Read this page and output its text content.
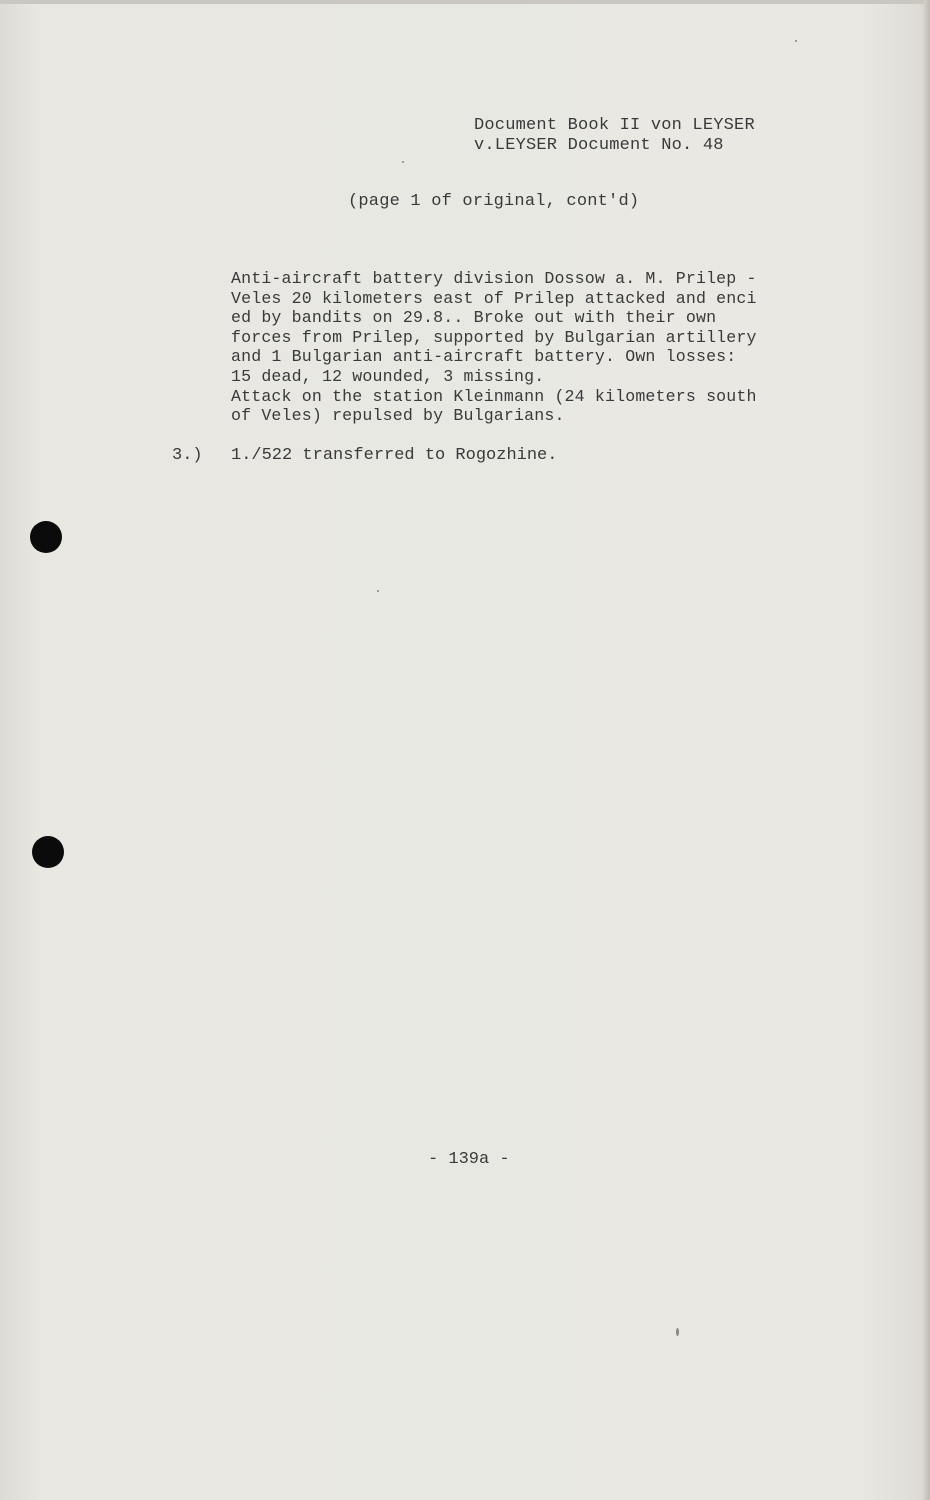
Document Book II von LEYSER
v.LEYSER Document No. 48
(page 1 of original, cont'd)
Anti-aircraft battery division Dossow a. M. Prilep -
Veles 20 kilometers east of Prilep attacked and enci
ed by bandits on 29.8.. Broke out with their own
forces from Prilep, supported by Bulgarian artillery
and 1 Bulgarian anti-aircraft battery. Own losses:
15 dead, 12 wounded, 3 missing.
Attack on the station Kleinmann (24 kilometers south
of Veles) repulsed by Bulgarians.
3.) 1./522 transferred to Rogozhine.
- 139a -
